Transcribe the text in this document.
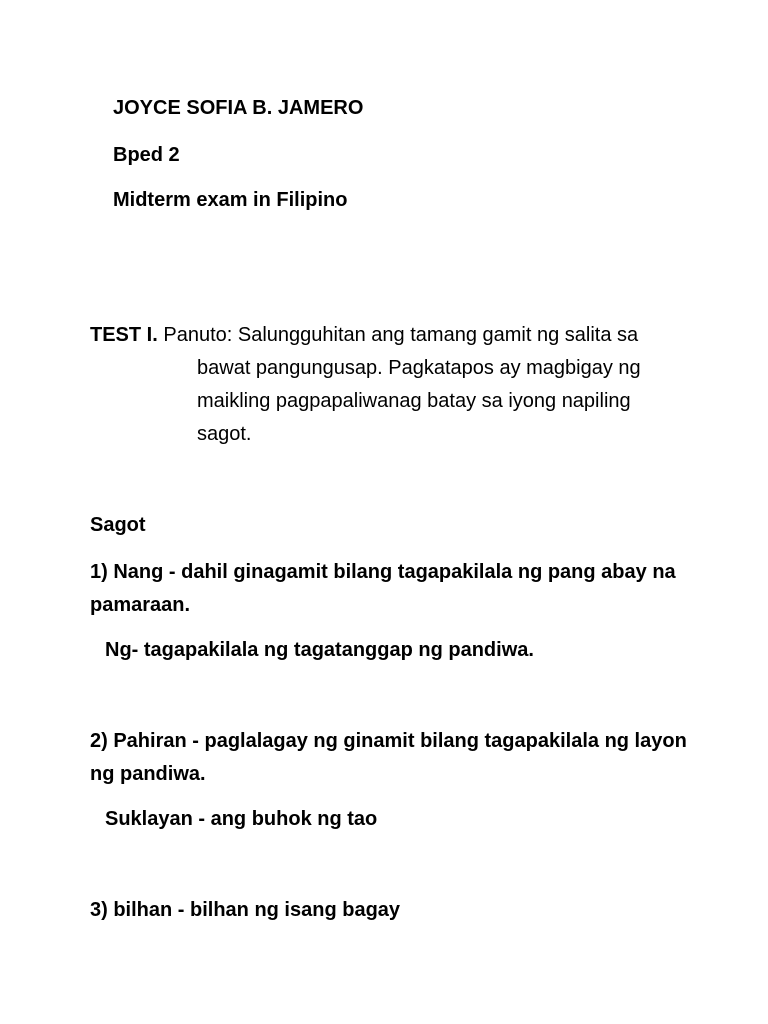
JOYCE SOFIA B. JAMERO

Bped 2

Midterm exam in Filipino

TEST I. Panuto: Salungguhitan ang tamang gamit ng salita sa

bawat pangungusap. Pagkatapos ay magbigay ng

maikling pagpapaliwanag batay sa iyong napiling

sagot.

Sagot

1) Nang - dahil ginagamit bilang tagapakilala ng pang abay na

pamaraan.

Ng- tagapakilala ng tagatanggap ng pandiwa.

2) Pahiran - paglalagay ng ginamit bilang tagapakilala ng layon

ng pandiwa.

Suklayan - ang buhok ng tao

3) bilhan - bilhan ng isang bagay
